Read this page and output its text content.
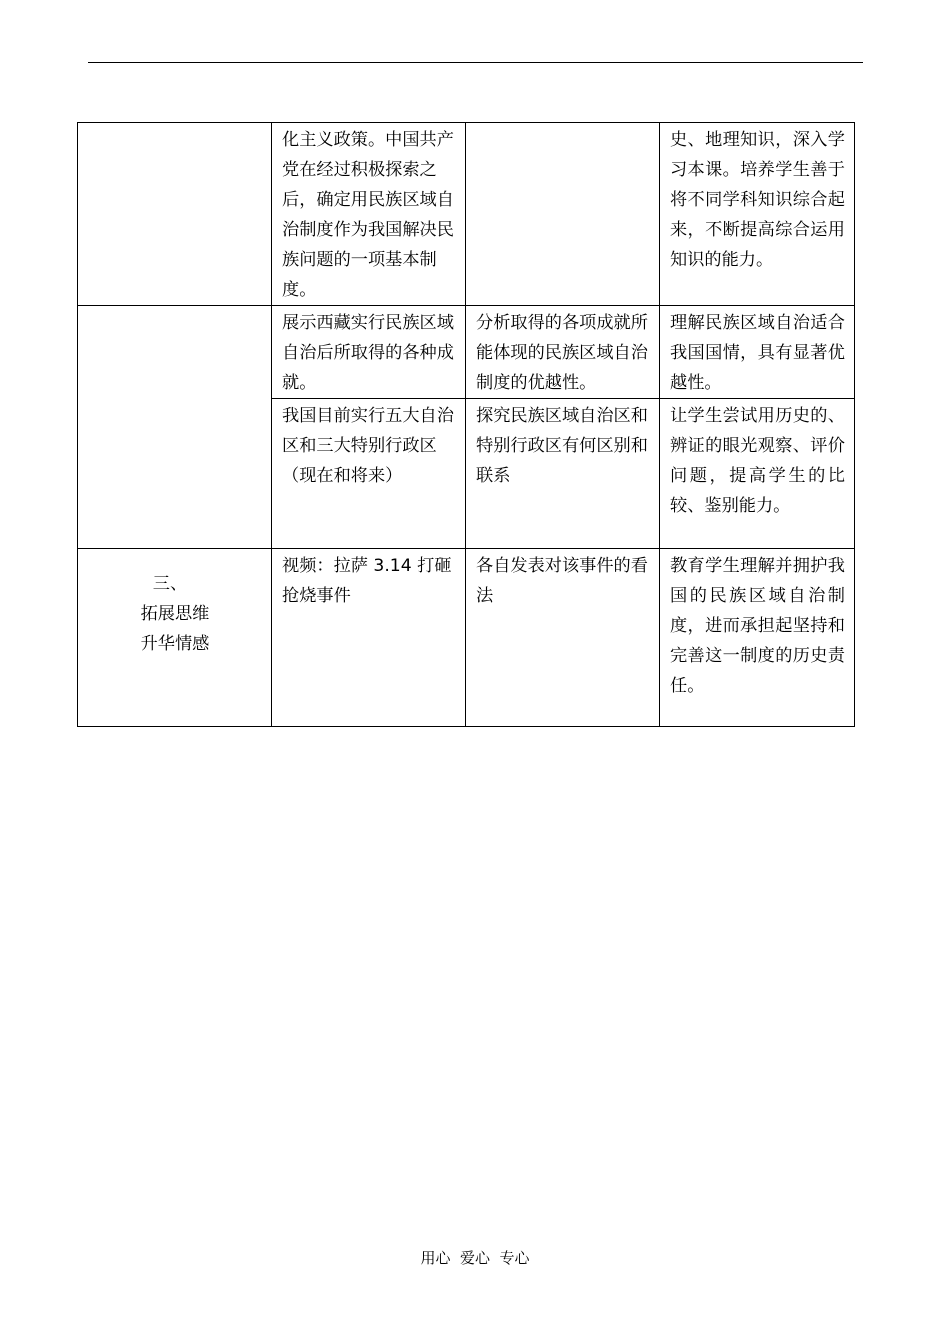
	化主义政策。中国共产党在经过积极探索之后，确定用民族区域自治制度作为我国解决民族问题的一项基本制度。		史、地理知识，深入学习本课。培养学生善于将不同学科知识综合起来，不断提高综合运用知识的能力。
	展示西藏实行民族区域自治后所取得的各种成就。	分析取得的各项成就所能体现的民族区域自治制度的优越性。	理解民族区域自治适合我国国情，具有显著优越性。
	我国目前实行五大自治区和三大特别行政区（现在和将来）	探究民族区域自治区和特别行政区有何区别和联系	让学生尝试用历史的、辨证的眼光观察、评价问题，提高学生的比较、鉴别能力。

三、
拓展思维
升华情感	视频：拉萨 3.14 打砸抢烧事件	各自发表对该事件的看法	教育学生理解并拥护我国的民族区域自治制度，进而承担起坚持和完善这一制度的历史责任。
用心  爱心  专心
